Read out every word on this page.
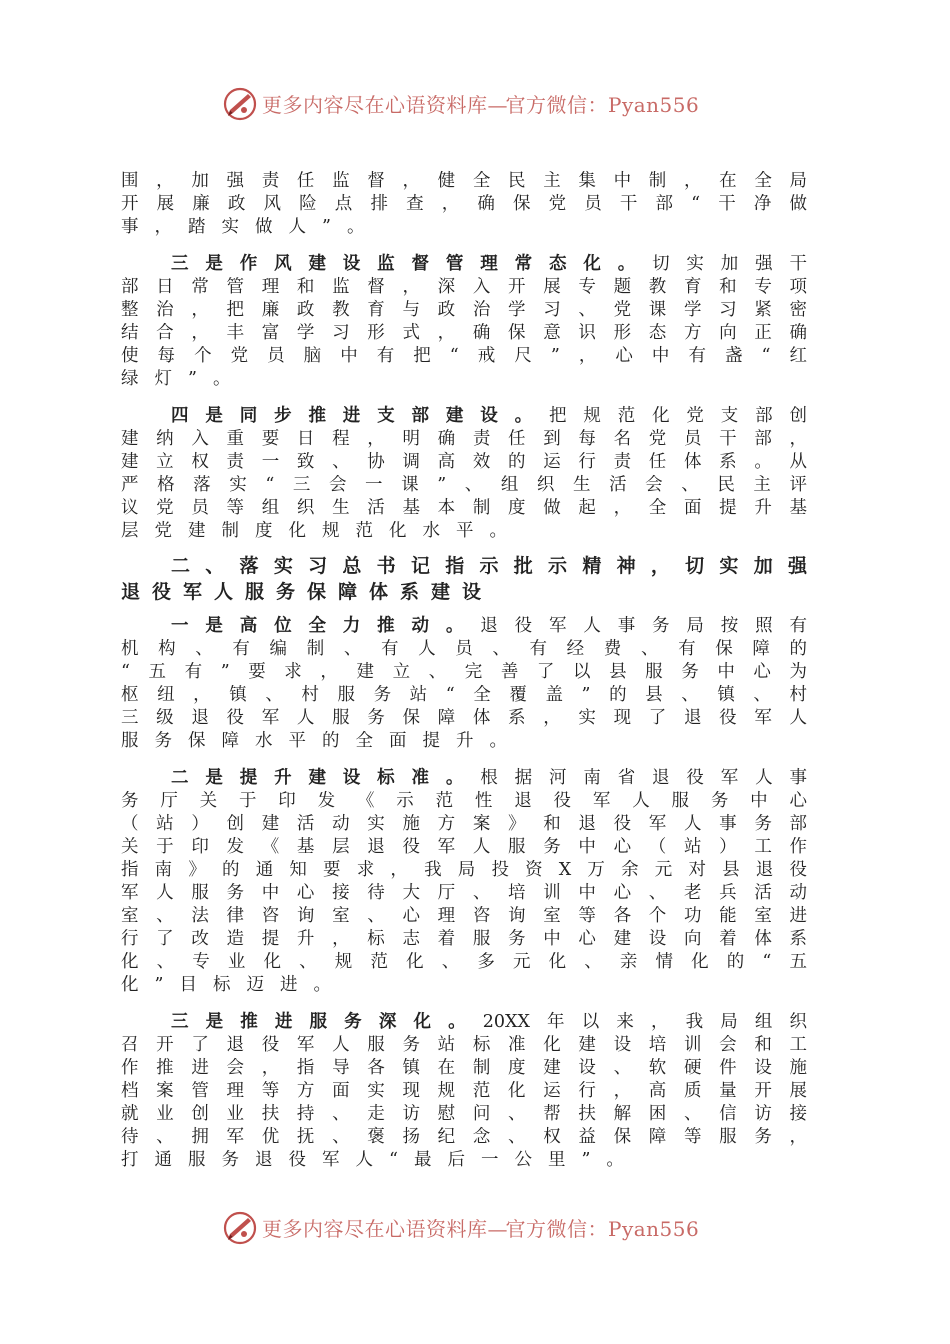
更多内容尽在心语资料库—官方微信：Pyan556
围，加强责任监督，健全民主集中制，在全局
开展廉政风险点排查，确保党员干部“干净做
事，踏实做人”。
三是作风建设监督管理常态化。切实加强干
部日常管理和监督，深入开展专题教育和专项
整治，把廉政教育与政治学习、党课学习紧密
结合，丰富学习形式，确保意识形态方向正确
使每个党员脑中有把“戒尺”，心中有盏“红
绿灯”。
四是同步推进支部建设。把规范化党支部创
建纳入重要日程，明确责任到每名党员干部，
建立权责一致、协调高效的运行责任体系。从
严格落实“三会一课”、组织生活会、民主评
议党员等组织生活基本制度做起，全面提升基
层党建制度化规范化水平。
二、落实习总书记指示批示精神，切实加强
退役军人服务保障体系建设
一是高位全力推动。退役军人事务局按照有
机构、有编制、有人员、有经费、有保障的
“五有”要求，建立、完善了以县服务中心为
枢纽，镇、村服务站“全覆盖”的县、镇、村
三级退役军人服务保障体系，实现了退役军人
服务保障水平的全面提升。
二是提升建设标准。根据河南省退役军人事
务厅关于印发《示范性退役军人服务中心
（站）创建活动实施方案》和退役军人事务部
关于印发《基层退役军人服务中心（站）工作
指南》的通知要求，我局投资X万余元对县退役
军人服务中心接待大厅、培训中心、老兵活动
室、法律咨询室、心理咨询室等各个功能室进
行了改造提升，标志着服务中心建设向着体系
化、专业化、规范化、多元化、亲情化的“五
化”目标迈进。
三是推进服务深化。20XX年以来，我局组织
召开了退役军人服务站标准化建设培训会和工
作推进会，指导各镇在制度建设、软硬件设施
档案管理等方面实现规范化运行，高质量开展
就业创业扶持、走访慰问、帮扶解困、信访接
待、拥军优抚、褒扬纪念、权益保障等服务，
打通服务退役军人“最后一公里”。
更多内容尽在心语资料库—官方微信：Pyan556
